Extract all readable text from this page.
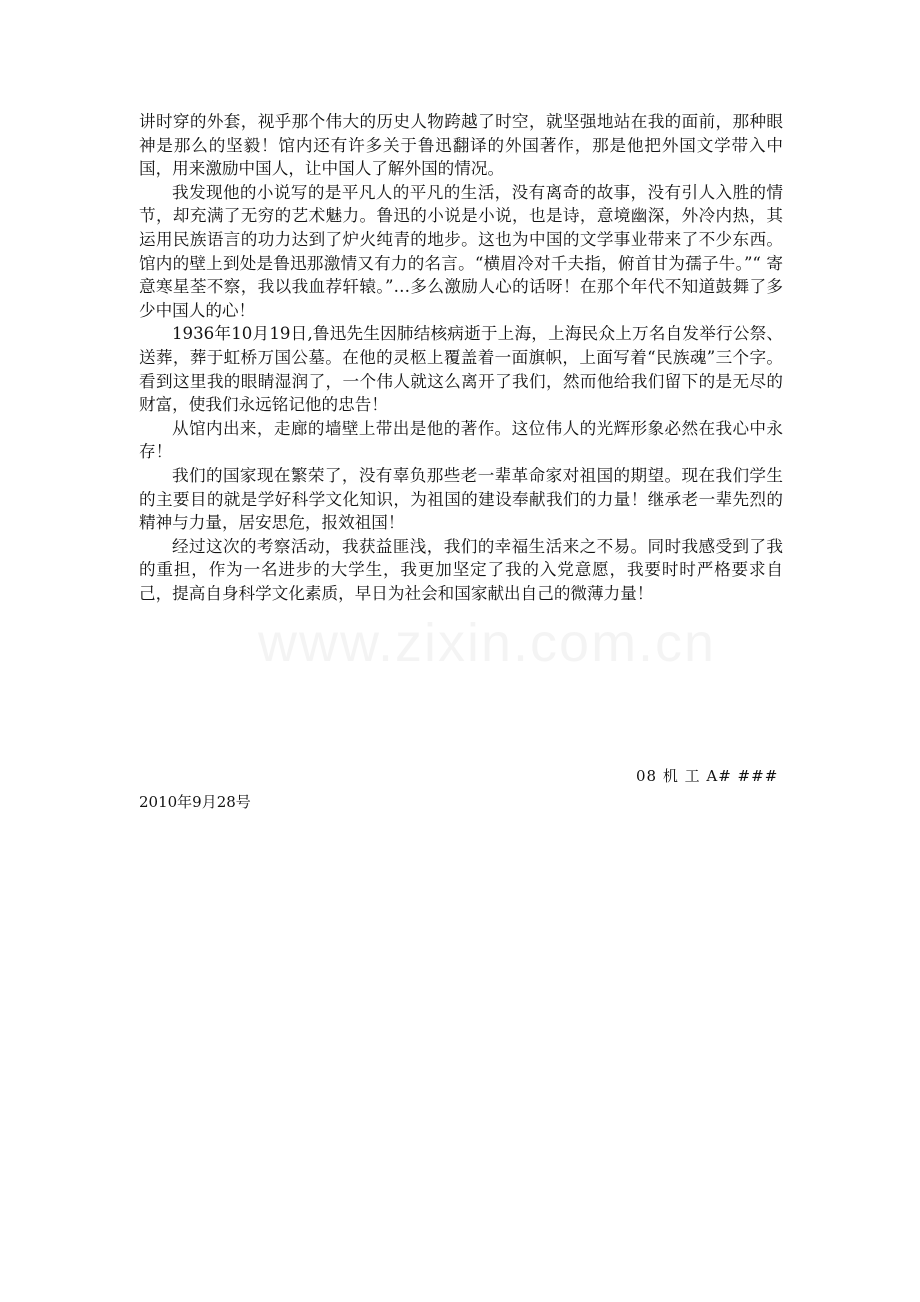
讲时穿的外套，视乎那个伟大的历史人物跨越了时空，就坚强地站在我的面前，那种眼神是那么的坚毅！馆内还有许多关于鲁迅翻译的外国著作，那是他把外国文学带入中国，用来激励中国人，让中国人了解外国的情况。

我发现他的小说写的是平凡人的平凡的生活，没有离奇的故事，没有引人入胜的情节，却充满了无穷的艺术魅力。鲁迅的小说是小说，也是诗，意境幽深，外冷内热，其运用民族语言的功力达到了炉火纯青的地步。这也为中国的文学事业带来了不少东西。馆内的壁上到处是鲁迅那激情又有力的名言。“横眉冷对千夫指，俯首甘为孺子牛。”“ 寄意寒星荃不察，我以我血荐轩辕。”…多么激励人心的话呀！在那个年代不知道鼓舞了多少中国人的心！

1936年10月19日,鲁迅先生因肺结核病逝于上海，上海民众上万名自发举行公祭、送葬，葬于虹桥万国公墓。在他的灵柩上覆盖着一面旗帜，上面写着“民族魂”三个字。看到这里我的眼睛湿润了，一个伟人就这么离开了我们，然而他给我们留下的是无尽的财富，使我们永远铭记他的忠告！

从馆内出来，走廊的墙壁上带出是他的著作。这位伟人的光辉形象必然在我心中永存！

我们的国家现在繁荣了，没有辜负那些老一辈革命家对祖国的期望。现在我们学生的主要目的就是学好科学文化知识，为祖国的建设奉献我们的力量！继承老一辈先烈的精神与力量，居安思危，报效祖国！

经过这次的考察活动，我获益匪浅，我们的幸福生活来之不易。同时我感受到了我的重担，作为一名进步的大学生，我更加坚定了我的入党意愿，我要时时严格要求自己，提高自身科学文化素质，早日为社会和国家献出自己的微薄力量！

08 机 工 A# ###
2010年9月28号
